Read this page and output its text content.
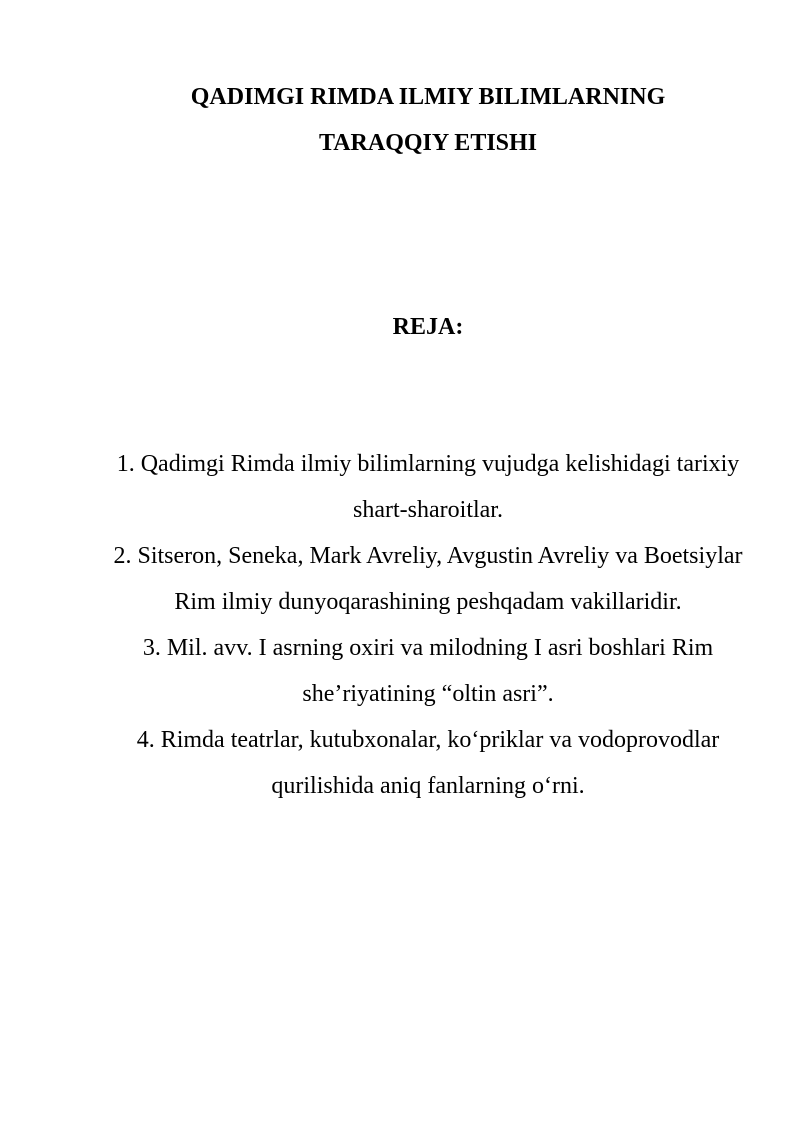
QADIMGI RIMDA ILMIY BILIMLARNING
TARAQQIY ETISHI
REJA:
1. Qadimgi Rimda ilmiy bilimlarning vujudga kelishidagi tarixiy shart-sharoitlar.
2. Sitseron, Seneka, Mark Avreliy, Avgustin Avreliy va Boetsiylar Rim ilmiy dunyoqarashining peshqadam vakillaridir.
3. Mil. avv. I asrning oxiri va milodning I asri boshlari Rim she’riyatining “oltin asri”.
4. Rimda teatrlar, kutubxonalar, ko‘priklar va vodoprovodlar qurilishida aniq fanlarning o‘rni.
